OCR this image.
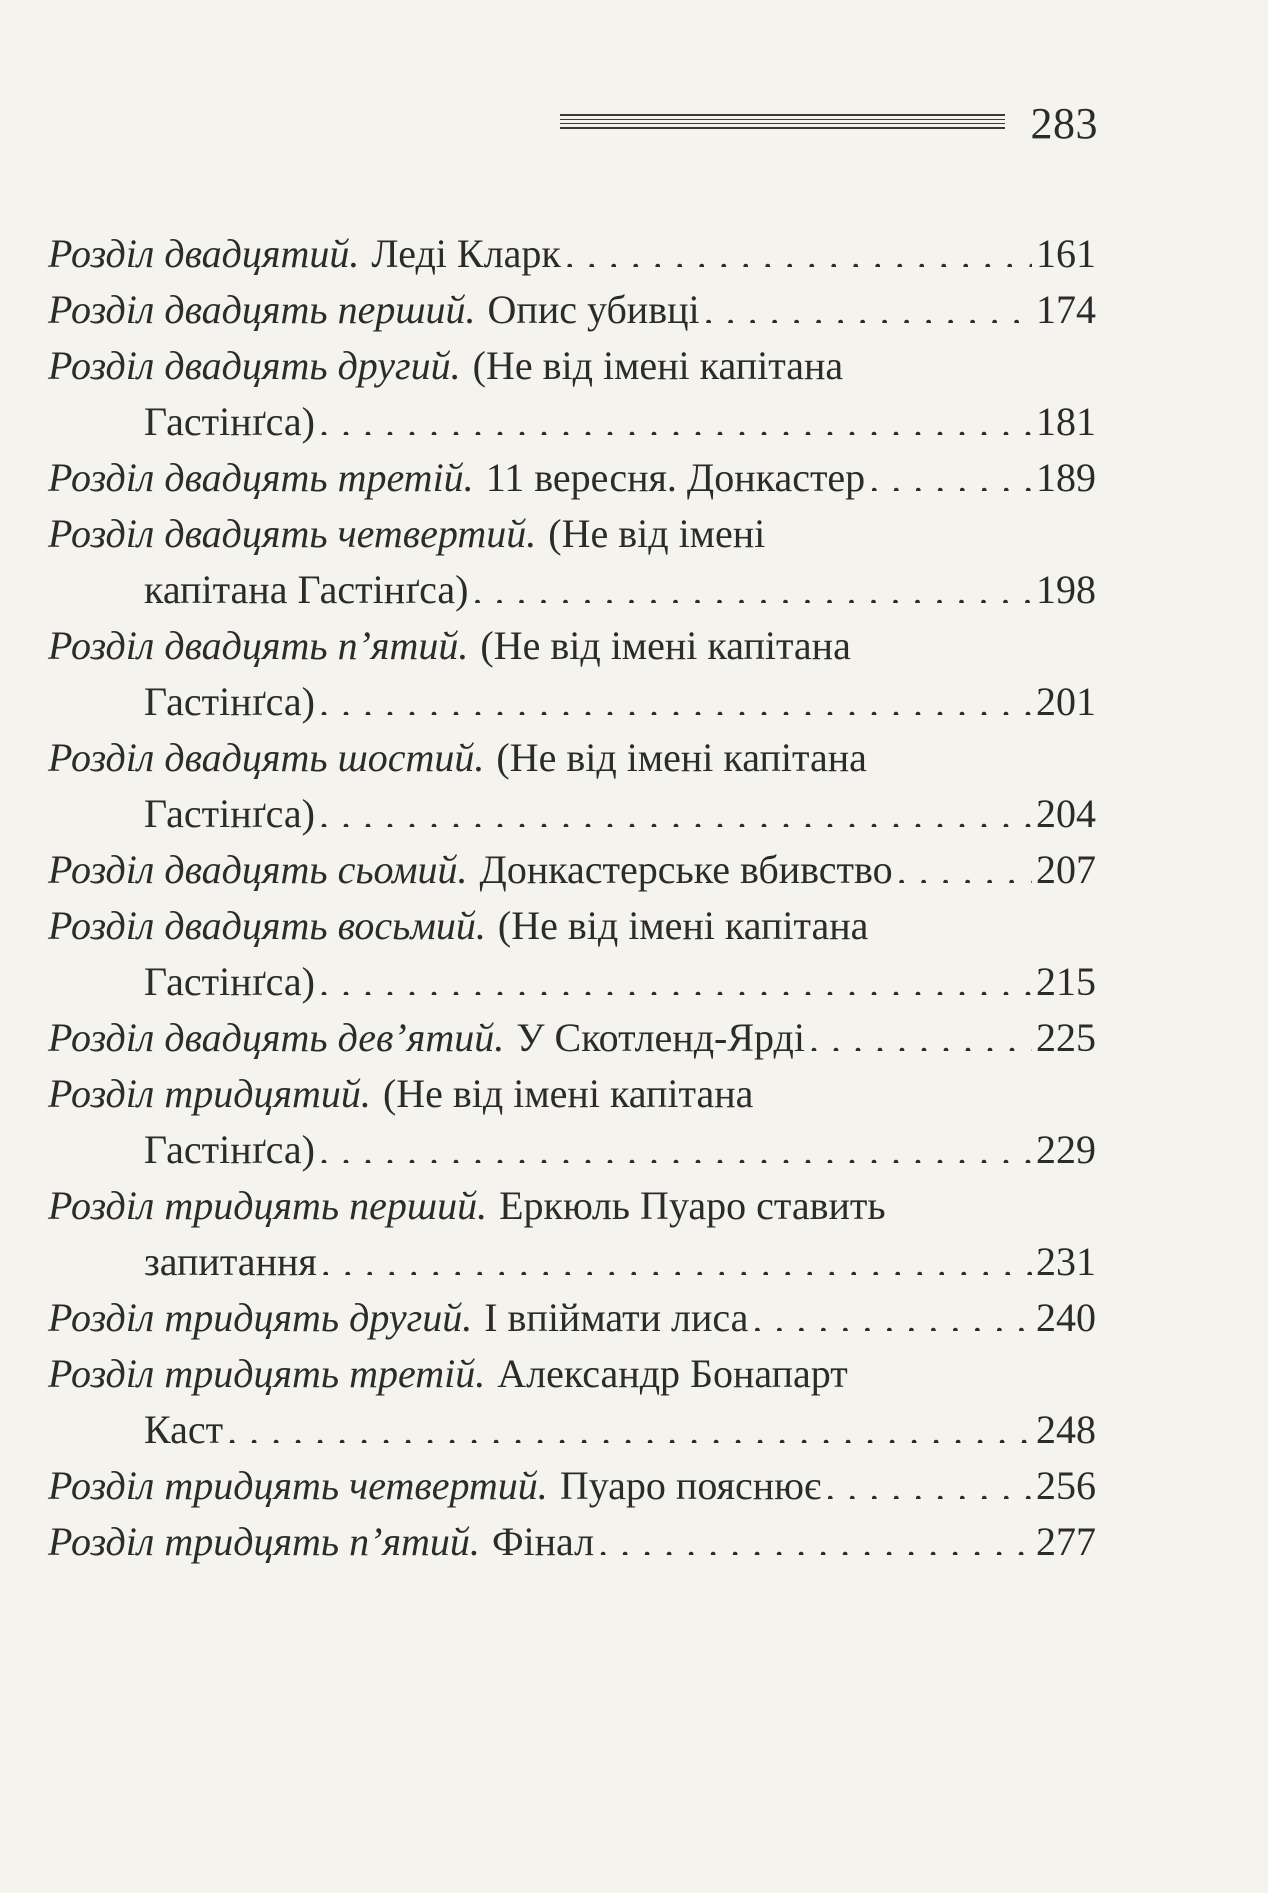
283
Розділ двадцятий. Леді Кларк . . .	161
Розділ двадцять перший. Опис убивці . . .	174
Розділ двадцять другий. (Не від імені капітана
Гастінґса) . . .	181
Розділ двадцять третій. 11 вересня. Донкастер . . .	189
Розділ двадцять четвертий. (Не від імені
капітана Гастінґса) . . .	198
Розділ двадцять п’ятий. (Не від імені капітана
Гастінґса) . . .	201
Розділ двадцять шостий. (Не від імені капітана
Гастінґса) . . .	204
Розділ двадцять сьомий. Донкастерське вбивство . . .	207
Розділ двадцять восьмий. (Не від імені капітана
Гастінґса) . . .	215
Розділ двадцять дев’ятий. У Скотленд-Ярді . . .	225
Розділ тридцятий. (Не від імені капітана
Гастінґса) . . .	229
Розділ тридцять перший. Еркюль Пуаро ставить
запитання . . .	231
Розділ тридцять другий. І впіймати лиса . . .	240
Розділ тридцять третій. Александр Бонапарт
Каст . . .	248
Розділ тридцять четвертий. Пуаро пояснює . . .	256
Розділ тридцять п’ятий. Фінал . . .	277
